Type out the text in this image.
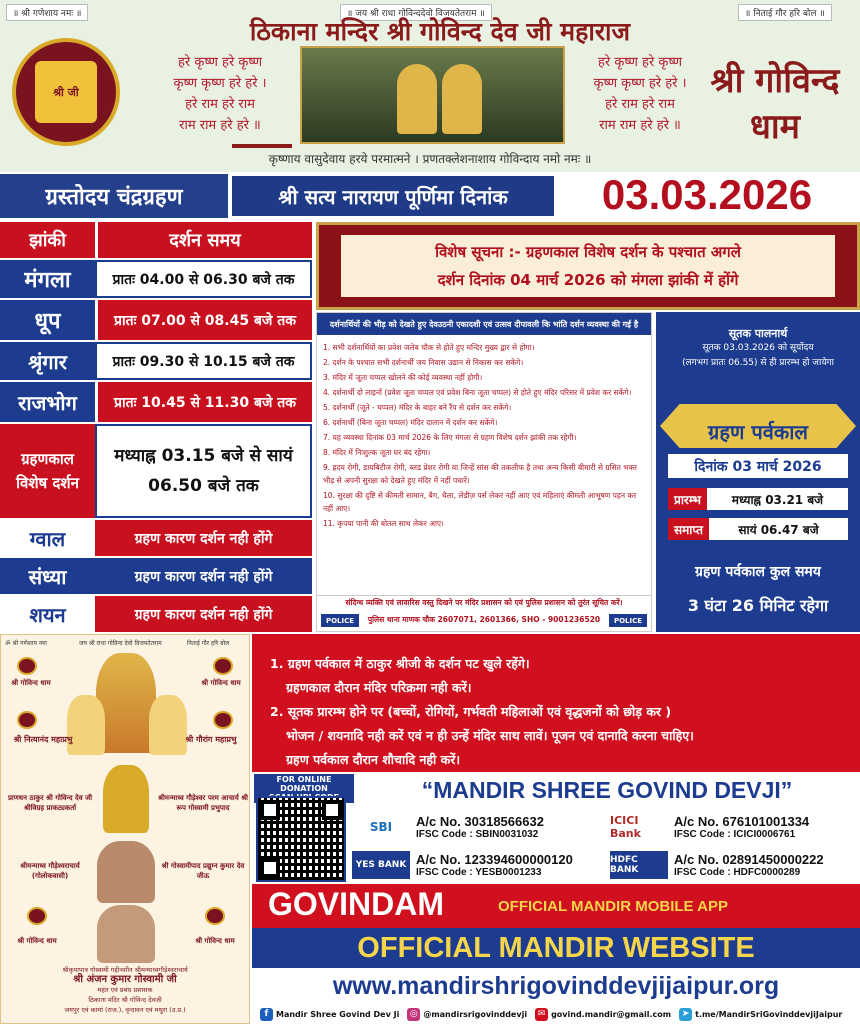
॥ श्री गणेशाय नमः ॥	॥ जय श्री राधा गोविन्ददेवो विजयतेतराम ॥	॥ निताई गौर हरि बोल ॥
श्री जी
ठिकाना मन्दिर श्री गोविन्द देव जी महाराज
हरे कृष्ण हरे कृष्ण
कृष्ण कृष्ण हरे हरे ।
हरे राम हरे राम
राम राम हरे हरे ॥
हरे कृष्ण हरे कृष्ण
कृष्ण कृष्ण हरे हरे ।
हरे राम हरे राम
राम राम हरे हरे ॥
श्री गोविन्द
धाम
कृष्णाय वासुदेवाय हरये परमात्मने । प्रणतक्लेशनाशाय गोविन्दाय नमो नमः ॥
ग्रस्तोदय चंद्रग्रहण	श्री सत्य नारायण पूर्णिमा दिनांक	03.03.2026
झांकी	दर्शन समय
मंगला	प्रातः 04.00 से 06.30 बजे तक
धूप	प्रातः 07.00 से 08.45 बजे तक
श्रृंगार	प्रातः 09.30 से 10.15 बजे तक
राजभोग	प्रातः 10.45 से 11.30 बजे तक
ग्रहणकाल विशेष दर्शन
मध्याह्न 03.15 बजे से सायं 06.50 बजे तक
ग्वाल	ग्रहण कारण दर्शन नही होंगे
संध्या	ग्रहण कारण दर्शन नही होंगे
शयन	ग्रहण कारण दर्शन नही होंगे
विशेष सूचना :- ग्रहणकाल विशेष दर्शन के पश्चात अगले
दर्शन दिनांक 04 मार्च 2026 को मंगला झांकी में होंगे
दर्शनार्थियों की भीड़ को देखते हुए देवउठनी एकादशी एवं उत्सव दीपावली कि भांति दर्शन व्यवस्था की गई है
1. सभी दर्शनार्थियों का प्रवेश जलेब चौक से होते हुए मन्दिर मुख्य द्वार से होगा।
2. दर्शन के पश्चात सभी दर्शनार्थी जय निवास उद्यान से निकास कर सकेंगे।
3. मंदिर में जूता चप्पल खोलने की कोई व्यवस्था नहीं होगी।
4. दर्शनार्थी दो लाइनों (प्रवेश जूता चप्पल एवं प्रवेश बिना जूता चप्पल) से होते हुए मंदिर परिसर में प्रवेश कर सकेंगे।
5. दर्शनार्थी (जूते - चप्पल) मंदिर के बाहर बने रैंप से दर्शन कर सकेंगे।
6. दर्शनार्थी (बिना जूता चप्पल) मंदिर दालान में दर्शन कर सकेंगे।
7. यह व्यवस्था दिनांक 03 मार्च 2026 के लिए मंगला से ग्रहण विशेष दर्शन झांकी तक रहेगी।
8. मंदिर में निःशुल्क जूता घर बंद रहेगा।
9. ह्रदय रोगी, डायबिटीज रोगी, ब्लड प्रेशर रोगी या जिन्हें सांस की तकलीफ है तथा अन्य किसी बीमारी से ग्रसित भक्त भीड़ से अपनी सुरक्षा को देखते हुए मंदिर में नहीं पधारें।
10. सुरक्षा की दृष्टि से कीमती सामान, बैग, थैला, लेडीज़ पर्स लेकर नहीं आए एवं महिलाएं कीमती आभूषण पहन कर नहीं आए।
11. कृपया पानी की बोतल साथ लेकर आए।
संदिग्ध व्यक्ति एवं लावारिस वस्तु दिखने पर मंदिर प्रशासन को एवं पुलिस प्रशासन को तुरंत सूचित करें।
POLICE	पुलिस थाना माणक चौक 2607071, 2601366, SHO - 9001236520	POLICE
सूतक पालनार्थ
सूतक 03.03.2026 को सूर्योदय
(लगभग प्रातः 06.55) से ही प्रारम्भ हो जायेगा
ग्रहण पर्वकाल
दिनांक 03 मार्च 2026
प्रारम्भ	मध्याह्न 03.21 बजे
समाप्त	सायं 06.47 बजे
ग्रहण पर्वकाल कुल समय
3 घंटा 26 मिनिट रहेगा
ॐ श्री गणेशाय नमः	जय श्री राधा गोविन्द देवो विजयतेतराम	निताई गौर हरि बोल
श्री गोविन्द धाम	श्री गोविन्द धाम
श्री नित्यानंद महाप्रभु	श्री गौरांग महाप्रभु
प्राणधन ठाकुर श्री गोविन्द देव जी श्रीविग्रह प्राकट्यकर्ता
श्रीमन्माध्व गौड़ेश्वर परम आचार्य श्री रूप गोस्वामी प्रभुपाद
श्रीमन्माध्व गौड़ेश्वराचार्य (गोलोकवासी)
श्री गोस्वामीपाद प्रद्युम्न कुमार देव जीऊ
श्री गोविन्द धाम	श्री गोविन्द धाम
श्रीकृपापात्र गोस्वामी गद्दीनशीन श्रीमन्माध्वगौड़ेश्वराचार्य
श्री अंजन कुमार गोस्वामी जी
महंत एवं प्रबंध प्रशासक
ठिकाना मंदिर श्री गोविन्द देवजी
जयपुर एवं कामां (राज.), वृन्दावन एवं मथुरा (उ.प्र.)
1. ग्रहण पर्वकाल में ठाकुर श्रीजी के दर्शन पट खुले रहेंगे।
ग्रहणकाल दौरान मंदिर परिक्रमा नही करें।
2. सूतक प्रारम्भ होने पर (बच्चों, रोगियों, गर्भवती महिलाओं एवं वृद्धजनों को छोड़ कर )
भोजन / शयनादि नही करें एवं न ही उन्हें मंदिर साथ लावें। पूजन एवं दानादि करना चाहिए।
ग्रहण पर्वकाल दौरान शौचादि नही करें।
FOR ONLINE DONATION	“MANDIR SHREE GOVIND DEVJI”
SBI	A/c No. 30318566632
IFSC Code : SBIN0031032
ICICI Bank
A/c No. 676101001334
IFSC Code : ICICI0006761
YES BANK A/c No. 123394600000120
IFSC Code : YESB0001233
HDFC BANK
A/c No. 02891450000222
IFSC Code : HDFC0000289
GOVINDAM	OFFICIAL MANDIR MOBILE APP
OFFICIAL MANDIR WEBSITE
www.mandirshrigovinddevjijaipur.org
f Mandir Shree Govind Dev Ji ◎ @mandirsrigovinddevji	✉ govind.mandir@gmail.com	➤ t.me/MandirSriGovinddevjiJaipur
